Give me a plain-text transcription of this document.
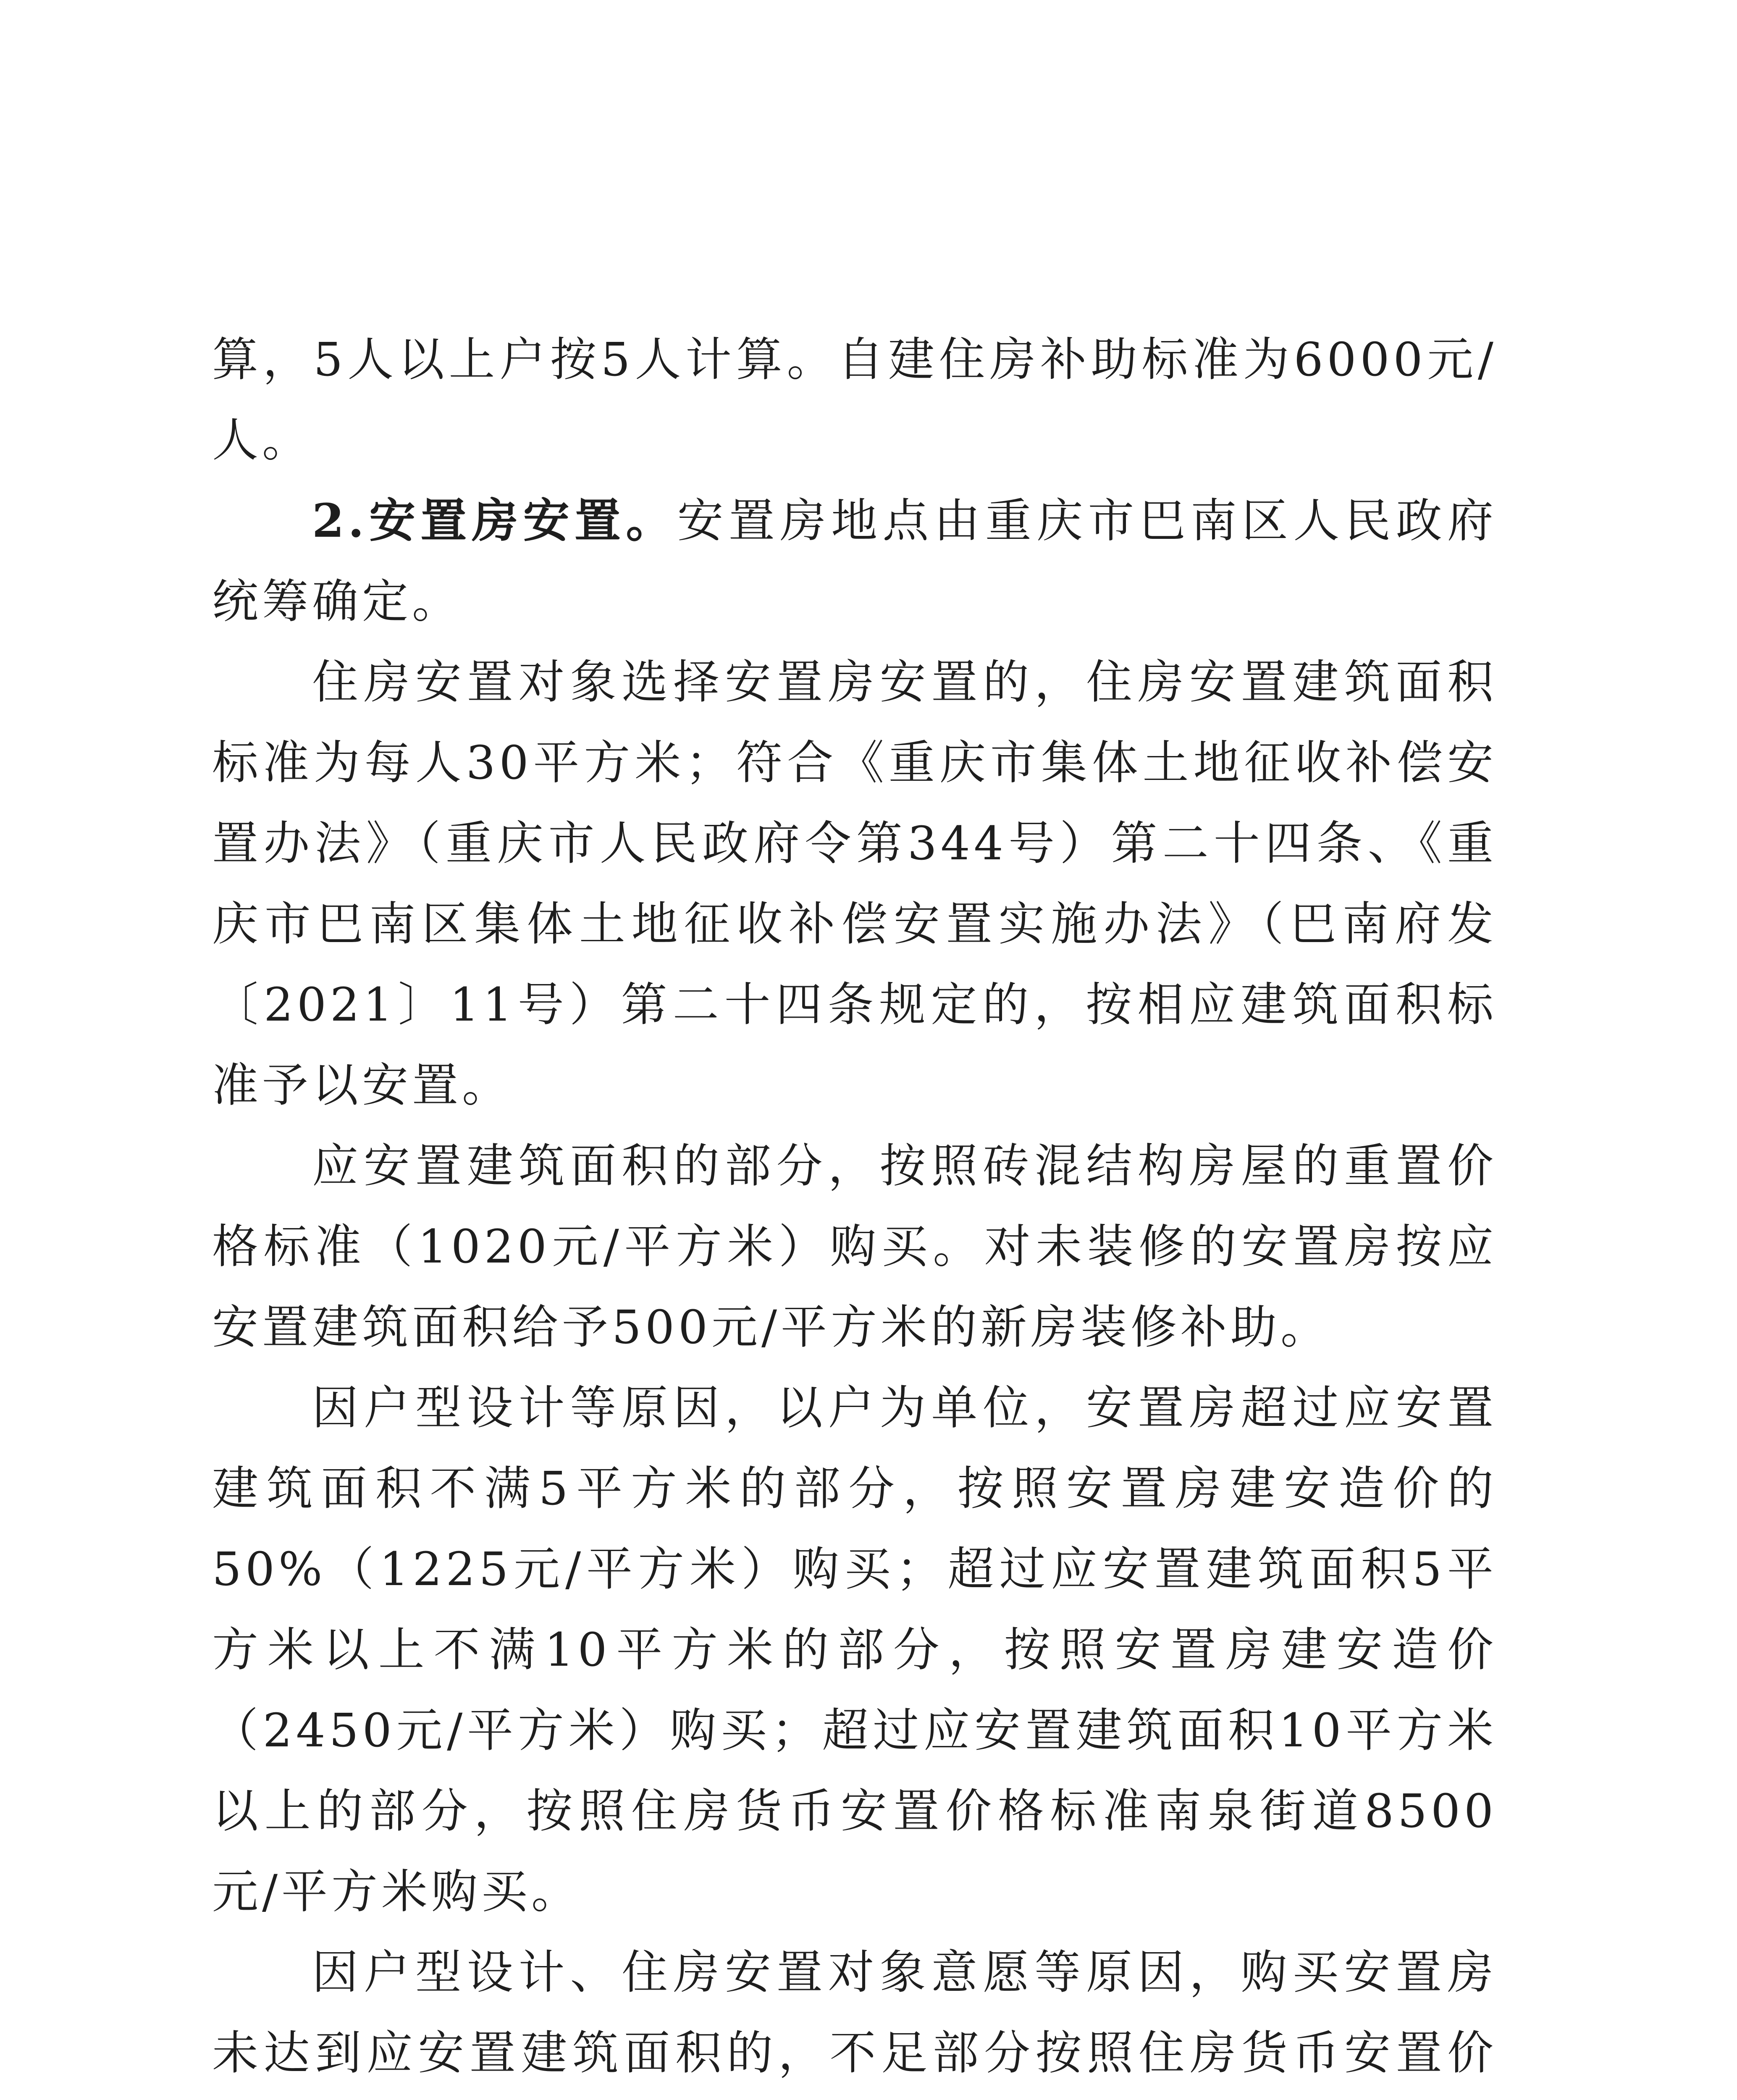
算，5人以上户按5人计算。自建住房补助标准为6000元/人。

2.安置房安置。安置房地点由重庆市巴南区人民政府统筹确定。

住房安置对象选择安置房安置的，住房安置建筑面积标准为每人30平方米；符合《重庆市集体土地征收补偿安置办法》（重庆市人民政府令第344号）第二十四条、《重庆市巴南区集体土地征收补偿安置实施办法》（巴南府发〔2021〕11号）第二十四条规定的，按相应建筑面积标准予以安置。

应安置建筑面积的部分，按照砖混结构房屋的重置价格标准（1020元/平方米）购买。对未装修的安置房按应安置建筑面积给予500元/平方米的新房装修补助。

因户型设计等原因，以户为单位，安置房超过应安置建筑面积不满5平方米的部分，按照安置房建安造价的50%（1225元/平方米）购买；超过应安置建筑面积5平方米以上不满10平方米的部分，按照安置房建安造价（2450元/平方米）购买；超过应安置建筑面积10平方米以上的部分，按照住房货币安置价格标准南泉街道8500元/平方米购买。

因户型设计、住房安置对象意愿等原因，购买安置房未达到应安置建筑面积的，不足部分按照住房货币安置价
